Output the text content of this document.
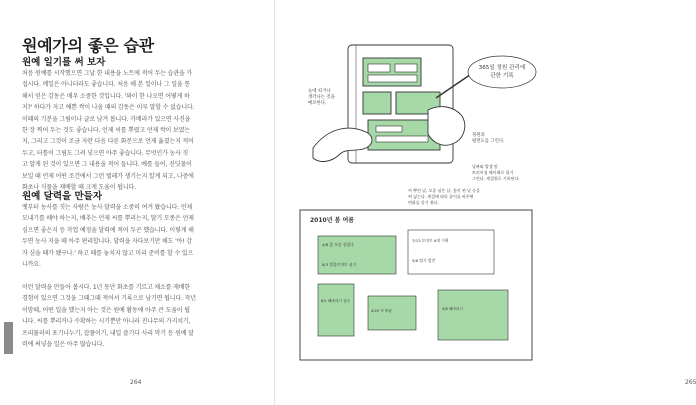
원예가의 좋은 습관
원예 일기를 써 보자
처음 원예를 시작했으면 그날 한 내용을 노트에 적어 두는 습관을 가
집시다. 메일은 아니더라도 좋습니다. 처음 해 본 일이나 그 일을 통
해서 얻은 감동은 매우 소중한 것입니다. '꽈이 한 나오면 어떻게 하
지?' 하다가 자고 예쁜 싹이 나올 때의 감동은 이루 말할 수 없습니다.
이때의 기분을 그림이나 글로 남겨 봅니다. 카메라가 있으면 사진을
한 장 찍어 두는 것도 좋습니다. 언제 씨를 뿌렸고 언제 싹이 보였는
지, 그리고 그것이 조금 자란 다음 다른 화분으로 언제 옮겼는지 적어
두고, 터틀이 그림도 그려 넣으면 아주 좋습니다. 무엇인가 농사 짓
고 알게 된 것이 있으면 그 내용을 적어 둡니다. 예를 들어, 진딧물이
보일 때 언제 어떤 조건에서 그런 벌레가 생기는지 알게 되고, 나중에
화초나 식물을 재배할 때 크게 도움이 됩니다.
원예 달력을 만들자
옛부터 농사를 짓는 사람은 농사 달력을 소중히 여겨 왔습니다. 언제
모내기를 해야 하는지, 배추는 언제 씨를 뿌리는지, 딸기 모종은 언제
심으면 좋은지 등 작업 예정을 달력에 적어 두곤 했습니다. 이렇게 해
두면 농사 지을 때 아주 편리합니다. 달력을 자다보기만 해도 '아! 감
자 심을 때가 됐구나.' 하고 때를 놓치지 않고 미리 준비를 할 수 있으
니까요.
이런 달력을 만들어 봅시다. 1년 동안 화초를 기르고 채소를 재배한
경험이 있으면 그것을 그때그때 적어서 기록으로 남기면 됩니다. 작년
이맘때, 어떤 일을 했는지 아는 것은 원예 활동에 아주 큰 도움이 됩
니다. 씨를 뿌리거나 수확하는 시기뿐만 아니라 진나무의 가지치기,
프리뮬러의 포기나누기, 잡풀이기, 내일 즐기다 사리 막기 등 원예 달
력에 써넣을 일은 아주 많습니다.
264
365일 정원 관리에
관한 기록
눈에 띄거나
생각나는 것을
메모한다.
정원의
평면도를 그린다.
날짜와 발생 및
트러이징 헤이레로 필기
그린다. 계절별로 기록된다.
씨 뿌린 날, 모종 심은 날, 꽃이 핀 날 등을
써 넣는다. 계절에 따라 종이를 바꾸면
변화를 알기 쉽다.
2010년 봄 여름
4/8 꽃 모종 심었다
7/13 토마토 6개 수확
6/3 방울토마토 심기
5/6 딸기 발견
8/1 해바라기 심다
4/20 씨 뿌림	9/8 해바라기
265
